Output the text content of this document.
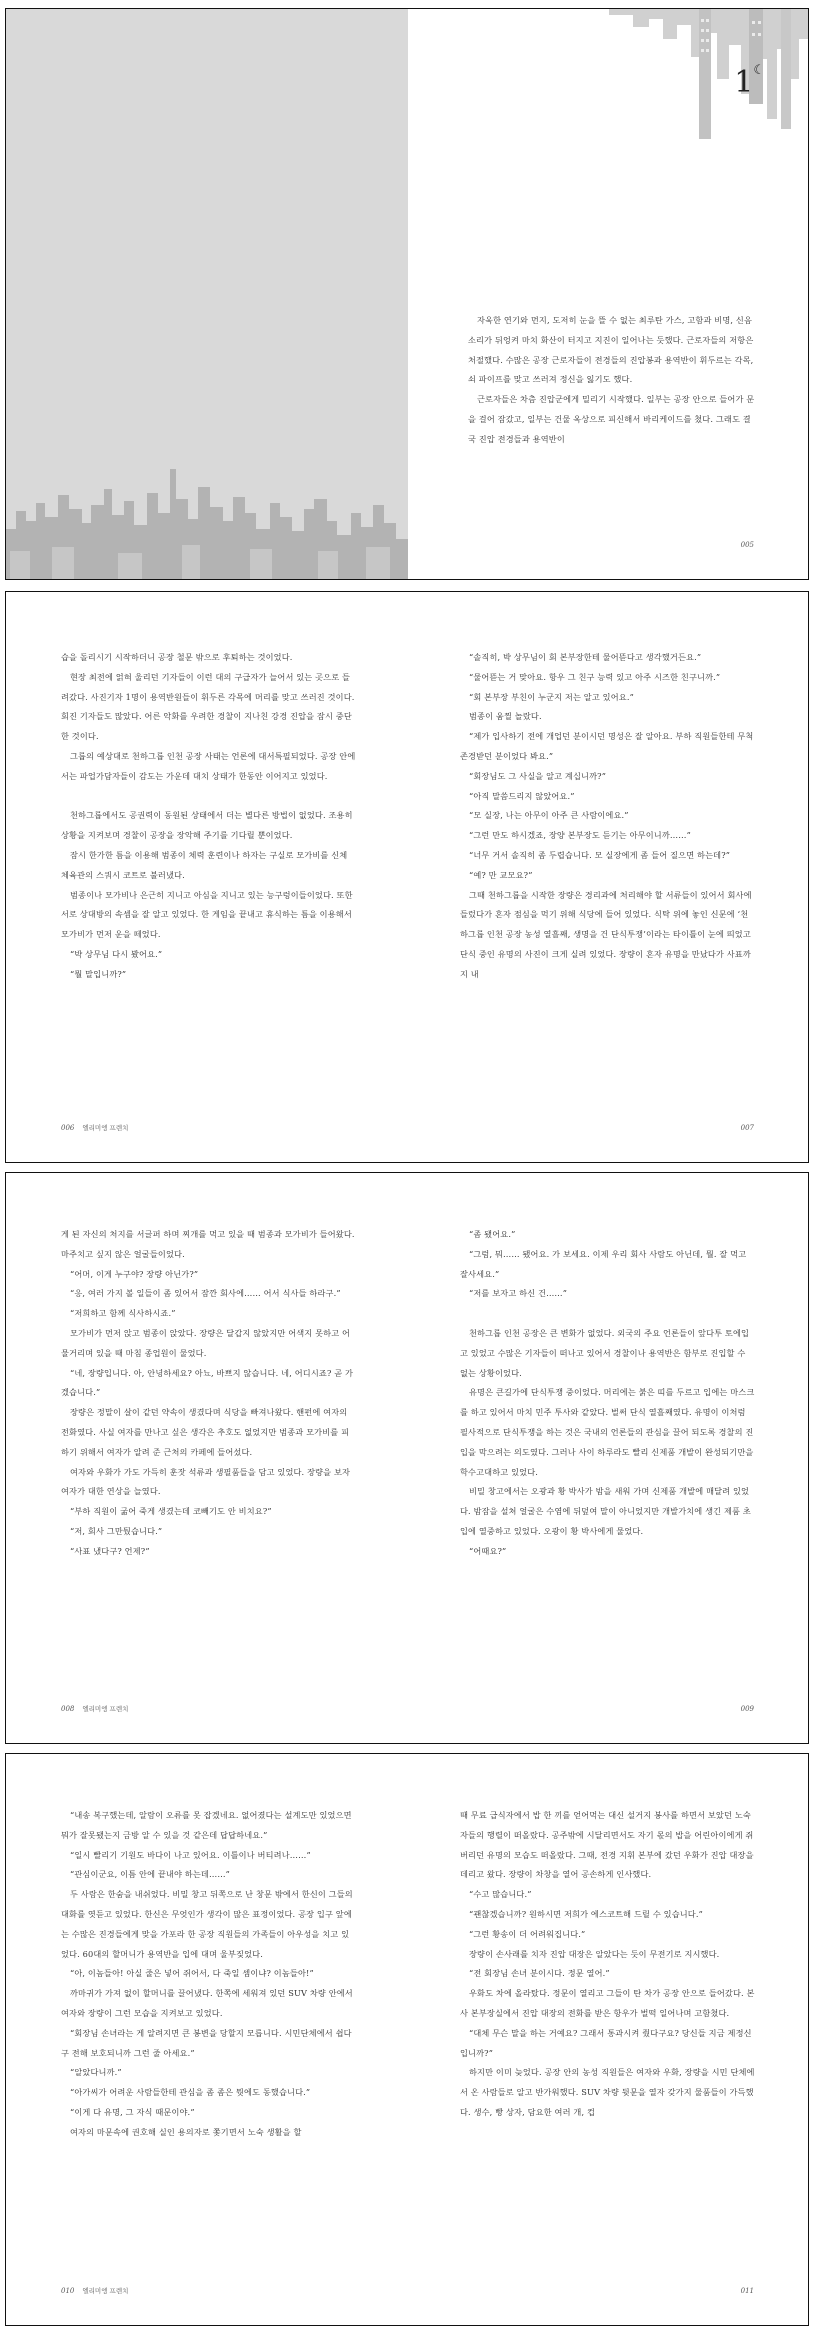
1☾

자욱한 연기와 먼지, 도저히 눈을 뜰 수 없는 최루탄 가스, 고함과 비명, 신음 소리가 뒤엉켜 마치 화산이 터지고 지진이 일어나는 듯했다. 근로자들의 저항은 처절했다. 수많은 공장 근로자들이 전경들의 진압봉과 용역반이 휘두르는 각목, 쇠 파이프를 맞고 쓰러져 정신을 잃기도 했다.

근로자들은 차츰 진압군에게 밀리기 시작했다. 일부는 공장 안으로 들어가 문을 걸어 잠갔고, 일부는 건물 옥상으로 피신해서 바리케이드를 쳤다. 그래도 결국 진압 전경들과 용역반이

005

습을 돌리시기 시작하더니 공장 철문 밖으로 후퇴하는 것이었다.

현장 최전에 얽혀 울리던 기자들이 이런 대의 구급자가 늘어서 있는 곳으로 들려갔다. 사진기자 1명이 용역반원들이 휘두른 각목에 머리를 맞고 쓰러진 것이다. 회진 기자들도 많았다. 어른 악화를 우려한 경찰이 지나친 강경 진압을 잠시 중단한 것이다.

그룹의 예상대로 천하그룹 인천 공장 사태는 언론에 대서특필되었다. 공장 안에서는 파업가담자들이 감도는 가운데 대치 상태가 한동안 이어지고 있었다.

천하그룹에서도 공권력이 동원된 상태에서 더는 별다른 방법이 없었다. 조용히 상황을 지켜보며 경찰이 공장을 장악해 주기를 기다릴 뿐이었다.

잠시 한가한 틈을 이용해 범종이 체력 훈련이나 하자는 구실로 모가비를 신체 체육관의 스쿼시 코트로 불러냈다.

범종이나 모가비나 은근히 지니고 아심을 지니고 있는 능구렁이들이었다. 또한 서로 상대방의 속셈을 잘 알고 있었다. 한 게임을 끝내고 휴식하는 틈을 이용해서 모가비가 먼저 운을 떼었다.

“박 상무님 다시 봤어요.”

“뭘 말입니까?”

006 엘리미엥 프렌치

“솔직히, 박 상무님이 회 본부장한테 물어뜯다고 생각했거든요.”

“물어뜯는 거 맞아요. 항우 그 친구 능력 있고 아주 시즈한 친구니까.”

“회 본부장 부친이 누군지 저는 알고 있어요.”

범종이 움찔 놀랐다.

“제가 입사하기 전에 개업던 분이시던 명성은 잘 알아요. 부하 직원들한테 무척 존경받던 분이었다 봐요.”

“회장님도 그 사실을 알고 계십니까?”

“아직 말씀드리지 않았어요.”

“모 실장, 나는 아무이 아주 큰 사람이에요.”

“그런 만도 하시겠죠, 장양 본부장도 듣기는 아무이니까……”

“너무 거서 솔직히 좀 두렵습니다. 모 실장에게 좀 들어 질으면 하는데?”

“예? 만 교모요?”

그때 천하그룹을 시작한 장량은 경리과에 처리해야 할 서류들이 있어서 회사에 들렀다가 혼자 점심을 먹기 위해 식당에 들어 있었다. 식탁 위에 놓인 신문에 ‘천하그룹 인천 공장 농성 열흘째, 생명을 건 단식투쟁’이라는 타이틀이 눈에 띄었고 단식 중인 유명의 사진이 크게 실려 있었다. 장량이 혼자 유명을 만났다가 사표까지 내

007

게 된 자신의 처지를 서글퍼 하며 찌개를 먹고 있을 때 범종과 모가비가 들어왔다. 마주치고 싶지 않은 얼굴들이었다.

“어머, 이게 누구야? 장량 아닌가?”

“응, 여러 가지 볼 일들이 좀 있어서 잠깐 회사에…… 어서 식사들 하라구.”

“저희하고 함께 식사하시죠.”

모가비가 먼저 앉고 범종이 앉았다. 장량은 달갑지 않았지만 어색지 못하고 어물거리며 있을 때 마침 종업원이 물었다.

“네, 장량입니다. 아, 안녕하세요? 아뇨, 바쁘지 않습니다. 네, 어디시죠? 곧 가겠습니다.”

장량은 정말이 살이 같던 약속이 생겼다며 식당을 빠져나왔다. 핸펀에 여자의 전화였다. 사실 여자를 만나고 싶은 생각은 추호도 없었지만 범종과 모가비를 피하기 위해서 여자가 알려 준 근처의 카페에 들어섰다.

여자와 우화가 가도 가득히 훈잣 석류과 생필품들을 담고 있었다. 장량을 보자 여자가 대한 연상을 늘였다.

“부하 직원이 굶어 죽게 생겼는데 코빼기도 안 비치요?”

“저, 회사 그만뒀습니다.”

“사표 냈다구? 언제?”

008 엘리미엥 프렌치

“좀 됐어요.”

“그럼, 뭐…… 됐어요. 가 보세요. 이제 우리 회사 사람도 아닌데, 뭘. 잘 먹고 잘사세요.”

“저를 보자고 하신 건……”

천하그룹 인천 공장은 큰 변화가 없었다. 외국의 주요 언론들이 앞다투 토에입고 있었고 수많은 기자들이 떠나고 있어서 경찰이나 용역반은 함부로 진입할 수 없는 상황이었다.

유명은 큰길가에 단식투쟁 중이었다. 머리에는 붉은 띠를 두르고 입에는 마스크를 하고 있어서 마치 민주 투사와 같았다. 벌써 단식 열흘째였다. 유명이 이처럼 필사적으로 단식투쟁을 하는 것은 국내의 언론들의 관심을 끌어 되도록 경찰의 진입을 막으려는 의도였다. 그러나 사이 하루라도 빨리 신제품 개발이 완성되기만을 학수고대하고 있었다.

비밀 창고에서는 오광과 황 박사가 밤을 새워 가며 신제품 개발에 매달려 있었다. 밤잠을 설쳐 얼굴은 수염에 뒤덮여 말이 아니었지만 개발가치에 생긴 제품 초입에 열중하고 있었다. 오광이 황 박사에게 물었다.

“어때요?”

009

“내송 복구했는데, 알람이 오류를 못 잡겠네요. 없어졌다는 설계도만 있었으면 뭐가 잘못됐는지 금방 알 수 있을 것 같은데 답답하네요.”

“일시 빨리기 기원도 바다이 나고 있어요. 이틀이나 버티려나……”

“관심이군요, 이틈 안에 끝내야 하는데……”

두 사람은 한숨을 내쉬었다. 비밀 창고 뒤쪽으로 난 창문 밖에서 한신이 그들의 대화를 엿듣고 있었다. 한신은 무엇인가 생각이 많은 표정이었다. 공장 입구 앞에는 수많은 진경들에게 맞을 가포라 한 공장 직원들의 가족들이 아우성을 치고 있었다. 60대의 할머니가 용역반을 입에 대며 울부짖었다.

“아, 이놈들아! 아실 줄은 넣어 쥐어서, 다 죽일 셈이냐? 이놈들아!”

까마귀가 가져 없이 할머니를 끌어냈다. 한쪽에 세워져 있던 SUV 차량 안에서 여자와 장량이 그런 모습을 지켜보고 있었다.

“회장님 손녀라는 게 알려지면 큰 봉변을 당할지 모릅니다. 시민단체에서 쉽다구 전해 보호되니까 그런 줄 아세요.”

“알았다니까.”

“아가씨가 어려운 사람들한테 관심을 좀 좀은 뭣에도 동했습니다.”

“이게 다 유명, 그 자식 때문이야.”

여자의 마문속에 권호해 실인 용의자로 쫓기면서 노숙 생활을 할

010 엘리미엥 프렌치

때 무료 급식자에서 밥 한 끼를 얻어먹는 대신 설거지 봉사를 하면서 보았던 노숙자들의 행렬이 떠올랐다. 공주밖에 시달리면서도 자기 몫의 밥을 어린아이에게 쥐 버리던 유명의 모습도 떠올랐다. 그때, 전경 지휘 본부에 갔던 우화가 진압 대장을 데리고 왔다. 장량이 차창을 열어 공손하게 인사했다.

“수고 많습니다.”

“괜찮겠습니까? 원하시면 저희가 에스코트해 드릴 수 있습니다.”

“그런 황송이 더 어려워집니다.”

장량이 손사래를 치자 진압 대장은 알았다는 듯이 무전기로 지시했다.

“전 회장님 손녀 분이시다. 정문 열어.”

우화도 차에 올라탔다. 정문이 열리고 그들이 탄 차가 공장 안으로 들어갔다. 본사 본부장실에서 진압 대장의 전화를 받은 항우가 벌떡 일어나며 고함쳤다.

“대체 무슨 말을 하는 거예요? 그래서 통과시켜 줬다구요? 당신들 지금 제정신입니까?”

하지만 이미 늦었다. 공장 안의 농성 직원들은 여자와 우화, 장량을 시민 단체에서 온 사람들로 알고 반가워했다. SUV 차량 뒷문을 열자 갖가지 물품들이 가득했다. 생수, 빵 상자, 담요한 여러 개, 컵

011
